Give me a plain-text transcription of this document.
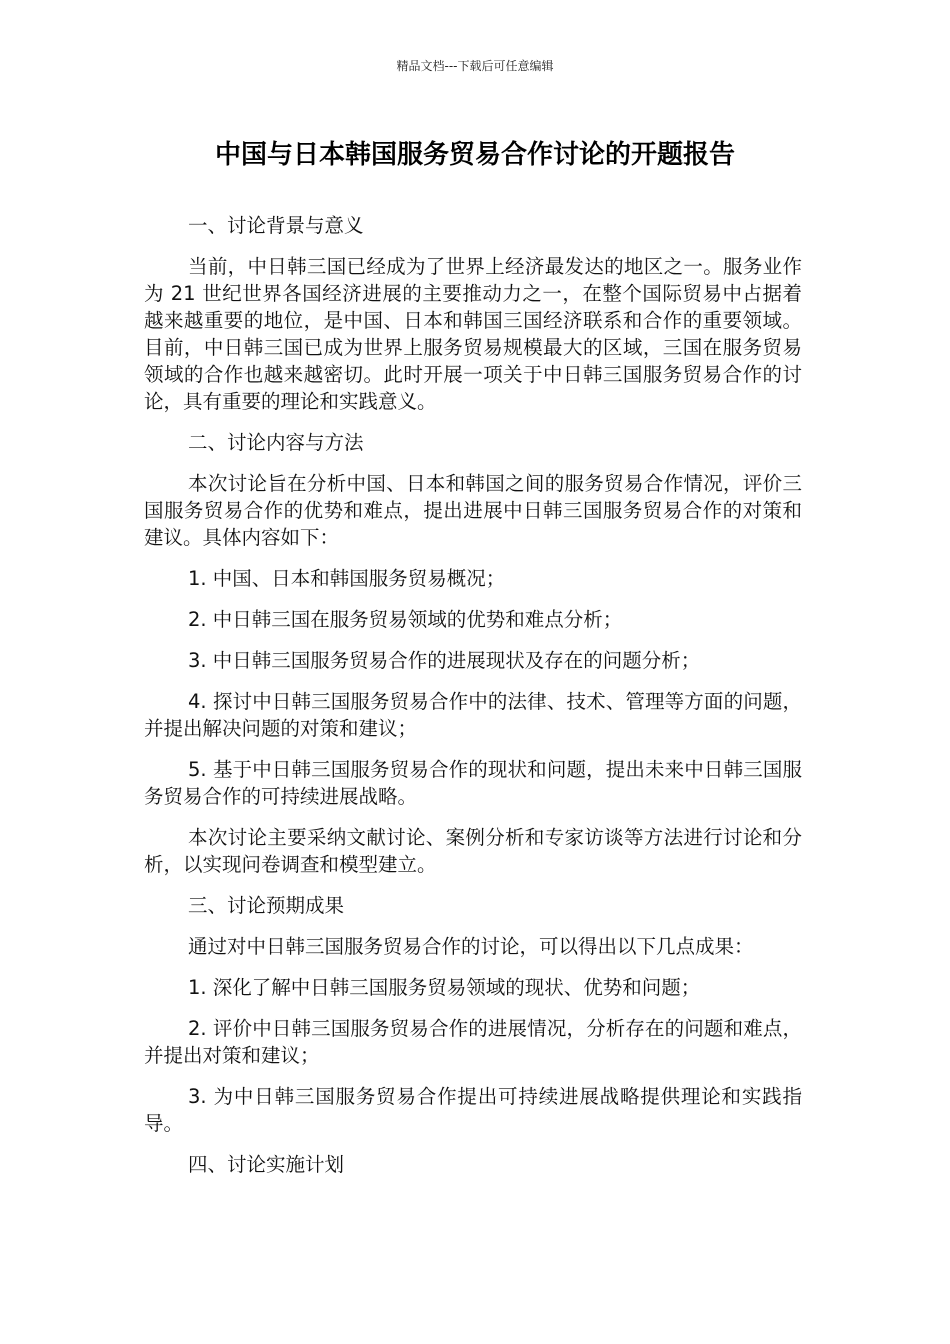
精品文档---下载后可任意编辑
中国与日本韩国服务贸易合作讨论的开题报告

一、讨论背景与意义

当前，中日韩三国已经成为了世界上经济最发达的地区之一。服务业作为 21 世纪世界各国经济进展的主要推动力之一，在整个国际贸易中占据着越来越重要的地位，是中国、日本和韩国三国经济联系和合作的重要领域。目前，中日韩三国已成为世界上服务贸易规模最大的区域，三国在服务贸易领域的合作也越来越密切。此时开展一项关于中日韩三国服务贸易合作的讨论，具有重要的理论和实践意义。

二、讨论内容与方法

本次讨论旨在分析中国、日本和韩国之间的服务贸易合作情况，评价三国服务贸易合作的优势和难点，提出进展中日韩三国服务贸易合作的对策和建议。具体内容如下：

1. 中国、日本和韩国服务贸易概况；

2. 中日韩三国在服务贸易领域的优势和难点分析；

3. 中日韩三国服务贸易合作的进展现状及存在的问题分析；

4. 探讨中日韩三国服务贸易合作中的法律、技术、管理等方面的问题，并提出解决问题的对策和建议；

5. 基于中日韩三国服务贸易合作的现状和问题，提出未来中日韩三国服务贸易合作的可持续进展战略。

本次讨论主要采纳文献讨论、案例分析和专家访谈等方法进行讨论和分析，以实现问卷调查和模型建立。

三、讨论预期成果

通过对中日韩三国服务贸易合作的讨论，可以得出以下几点成果：

1. 深化了解中日韩三国服务贸易领域的现状、优势和问题；

2. 评价中日韩三国服务贸易合作的进展情况，分析存在的问题和难点，并提出对策和建议；

3. 为中日韩三国服务贸易合作提出可持续进展战略提供理论和实践指导。

四、讨论实施计划
